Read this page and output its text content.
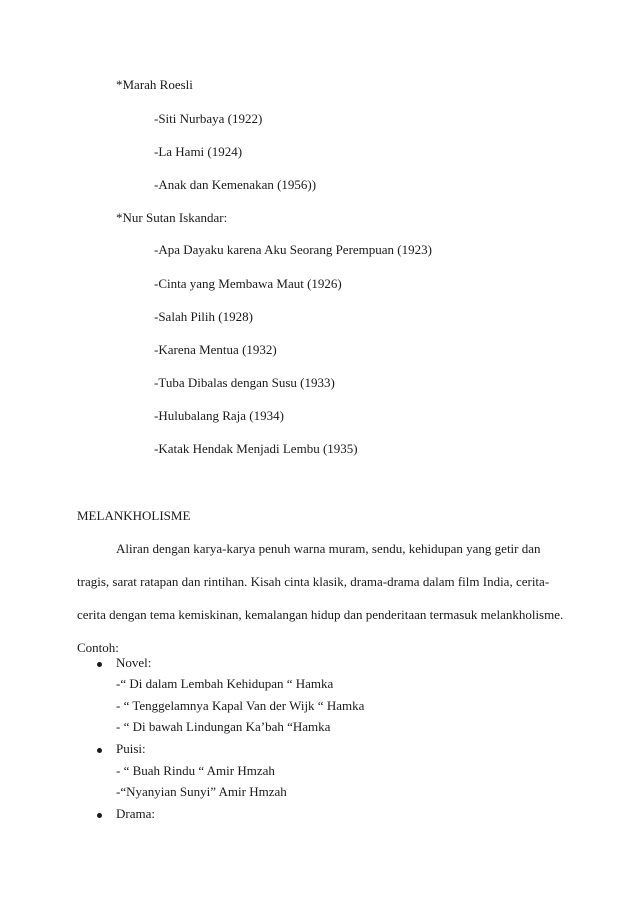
*Marah Roesli
-Siti Nurbaya (1922)
-La Hami (1924)
-Anak dan Kemenakan (1956))
*Nur Sutan Iskandar:
-Apa Dayaku karena Aku Seorang Perempuan (1923)
-Cinta yang Membawa Maut (1926)
-Salah Pilih (1928)
-Karena Mentua (1932)
-Tuba Dibalas dengan Susu (1933)
-Hulubalang Raja (1934)
-Katak Hendak Menjadi Lembu (1935)
MELANKHOLISME
Aliran dengan karya-karya penuh warna muram, sendu, kehidupan yang getir dan
tragis, sarat ratapan dan rintihan. Kisah cinta klasik, drama-drama dalam film India, cerita-
cerita dengan tema kemiskinan, kemalangan hidup dan penderitaan termasuk melankholisme.
Contoh:
Novel:
-“ Di dalam Lembah Kehidupan “ Hamka
- “ Tenggelamnya Kapal Van der Wijk “ Hamka
- “ Di bawah Lindungan Ka’bah “Hamka
Puisi:
- “ Buah Rindu “ Amir Hmzah
-“Nyanyian Sunyi” Amir Hmzah
Drama:
